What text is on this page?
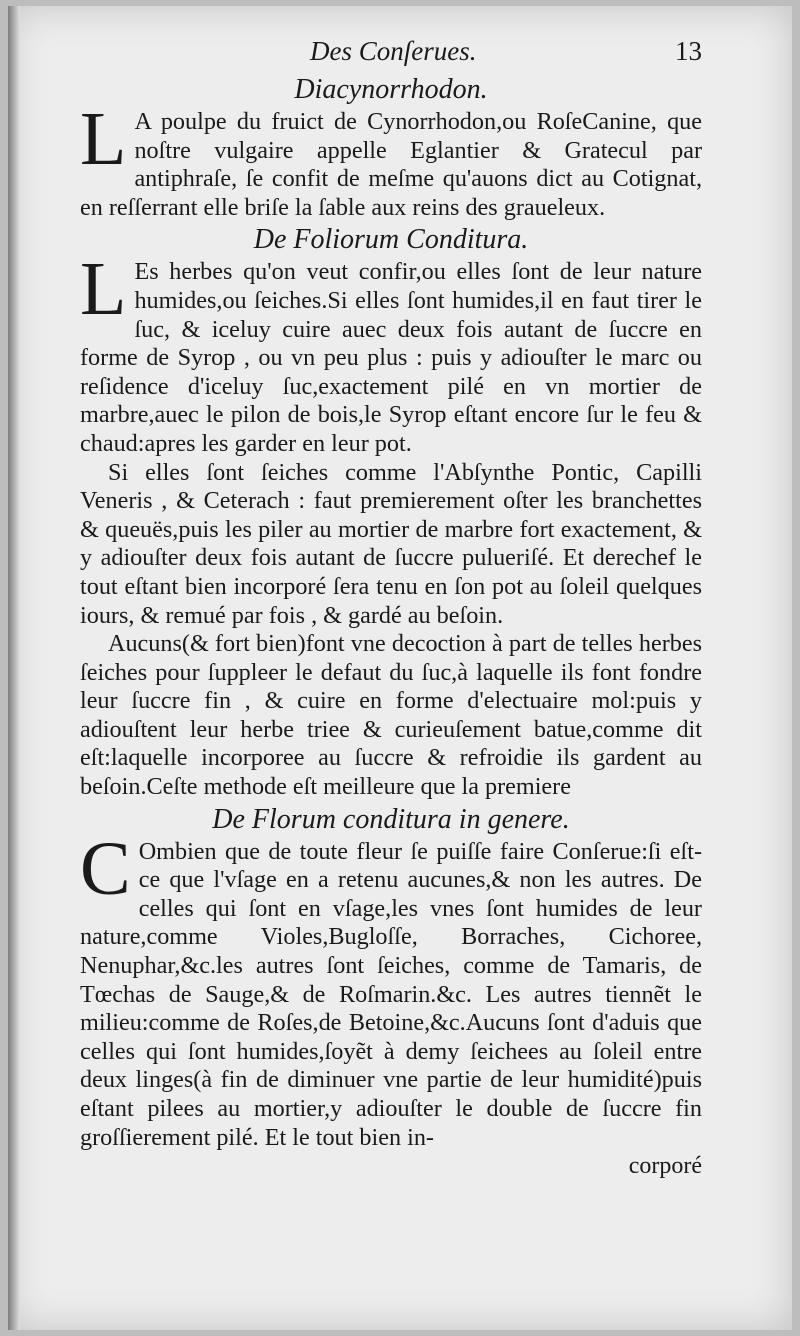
Des Conſerues.	13
Diacynorrhodon.

L A poulpe du fruict de Cynorrhodon,ou RoſeCanine, que noſtre vulgaire appelle Eglantier & Gratecul par antiphraſe, ſe confit de meſme qu'auons dict au Cotignat, en reſſerrant elle briſe la ſable aux reins des graueleux.

De Foliorum Conditura.

L Es herbes qu'on veut confir,ou elles ſont de leur nature humides,ou ſeiches.Si elles ſont humides,il en faut tirer le ſuc, & iceluy cuire auec deux fois autant de ſuccre en forme de Syrop , ou vn peu plus : puis y adiouſter le marc ou reſidence d'iceluy ſuc,exactement pilé en vn mortier de marbre,auec le pilon de bois,le Syrop eſtant encore ſur le feu & chaud:apres les garder en leur pot.

Si elles ſont ſeiches comme l'Abſynthe Pontic, Capilli Veneris , & Ceterach : faut premierement oſter les branchettes & queuës,puis les piler au mortier de marbre fort exactement, & y adiouſter deux fois autant de ſuccre pulueriſé. Et derechef le tout eſtant bien incorporé ſera tenu en ſon pot au ſoleil quelques iours, & remué par fois , & gardé au beſoin.

Aucuns(& fort bien)font vne decoction à part de telles herbes ſeiches pour ſuppleer le defaut du ſuc,à laquelle ils font fondre leur ſuccre fin , & cuire en forme d'electuaire mol:puis y adiouſtent leur herbe triee & curieuſement batue,comme dit eſt:laquelle incorporee au ſuccre & refroidie ils gardent au beſoin.Ceſte methode eſt meilleure que la premiere

De Florum conditura in genere.

C Ombien que de toute fleur ſe puiſſe faire Conſerue:ſi eſt-ce que l'vſage en a retenu aucunes,& non les autres. De celles qui ſont en vſage,les vnes ſont humides de leur nature,comme Violes,Bugloſſe, Borraches, Cichoree, Nenuphar,&c.les autres ſont ſeiches, comme de Tamaris, de Tœchas de Sauge,& de Roſmarin.&c. Les autres tiennẽt le milieu:comme de Roſes,de Betoine,&c.Aucuns ſont d'aduis que celles qui ſont humides,ſoyẽt à demy ſeichees au ſoleil entre deux linges(à fin de diminuer vne partie de leur humidité)puis eſtant pilees au mortier,y adiouſter le double de ſuccre fin groſſierement pilé. Et le tout bien in-

corporé
